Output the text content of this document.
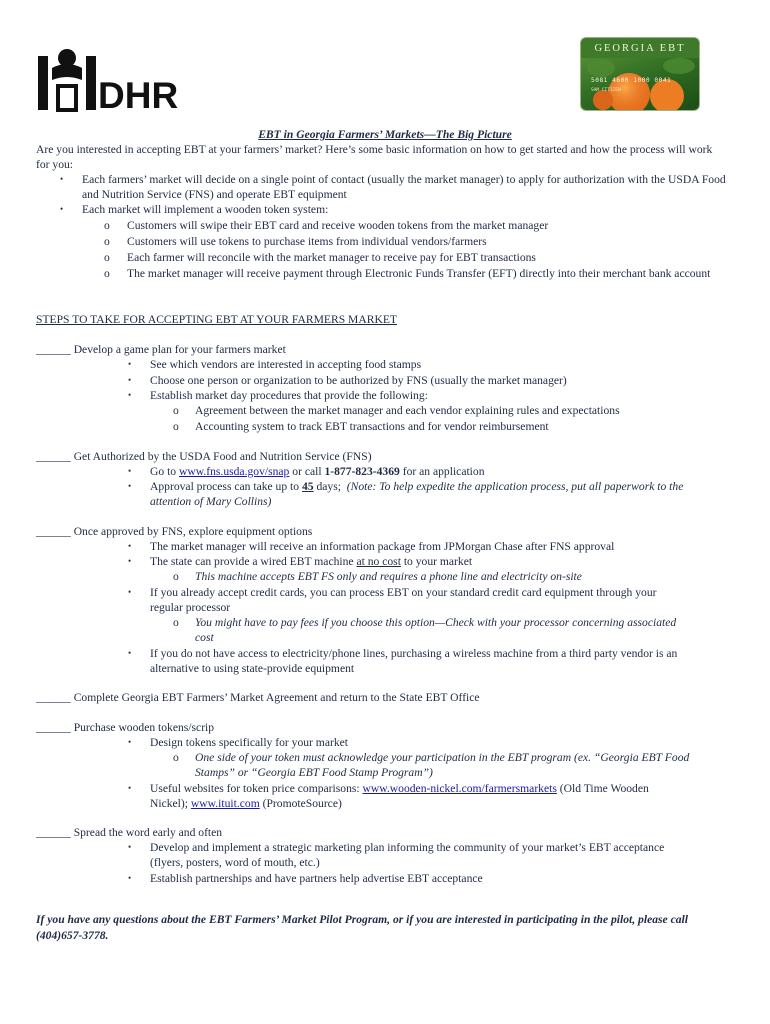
DHR
GEORGIA EBT
5081 4600 1000 0041
SAM CITIZEN
EBT in Georgia Farmers’ Markets—The Big Picture
Are you interested in accepting EBT at your farmers’ market? Here’s some basic information on how to get started and how the process will work for you:
• Each farmers’ market will decide on a single point of contact (usually the market manager) to apply for authorization with the USDA Food and Nutrition Service (FNS) and operate EBT equipment
• Each market will implement a wooden token system:
o Customers will swipe their EBT card and receive wooden tokens from the market manager
o Customers will use tokens to purchase items from individual vendors/farmers
o Each farmer will reconcile with the market manager to receive pay for EBT transactions
o The market manager will receive payment through Electronic Funds Transfer (EFT) directly into their merchant bank account
STEPS TO TAKE FOR ACCEPTING EBT AT YOUR FARMERS MARKET
______ Develop a game plan for your farmers market
• See which vendors are interested in accepting food stamps
• Choose one person or organization to be authorized by FNS (usually the market manager)
• Establish market day procedures that provide the following:
o Agreement between the market manager and each vendor explaining rules and expectations
o Accounting system to track EBT transactions and for vendor reimbursement
______ Get Authorized by the USDA Food and Nutrition Service (FNS)
• Go to www.fns.usda.gov/snap or call 1-877-823-4369 for an application
• Approval process can take up to 45 days; (Note: To help expedite the application process, put all paperwork to the
attention of Mary Collins)
______ Once approved by FNS, explore equipment options
• The market manager will receive an information package from JPMorgan Chase after FNS approval
• The state can provide a wired EBT machine at no cost to your market
o This machine accepts EBT FS only and requires a phone line and electricity on-site
• If you already accept credit cards, you can process EBT on your standard credit card equipment through your
regular processor
o You might have to pay fees if you choose this option—Check with your processor concerning associated
cost
• If you do not have access to electricity/phone lines, purchasing a wireless machine from a third party vendor is an
alternative to using state-provide equipment
______ Complete Georgia EBT Farmers’ Market Agreement and return to the State EBT Office
______ Purchase wooden tokens/scrip
• Design tokens specifically for your market
o One side of your token must acknowledge your participation in the EBT program (ex. “Georgia EBT Food
Stamps” or “Georgia EBT Food Stamp Program”)
• Useful websites for token price comparisons: www.wooden-nickel.com/farmersmarkets (Old Time Wooden
Nickel); www.ituit.com (PromoteSource)
______ Spread the word early and often
• Develop and implement a strategic marketing plan informing the community of your market’s EBT acceptance
(flyers, posters, word of mouth, etc.)
• Establish partnerships and have partners help advertise EBT acceptance
If you have any questions about the EBT Farmers’ Market Pilot Program, or if you are interested in participating in the pilot, please call (404)657-3778.
